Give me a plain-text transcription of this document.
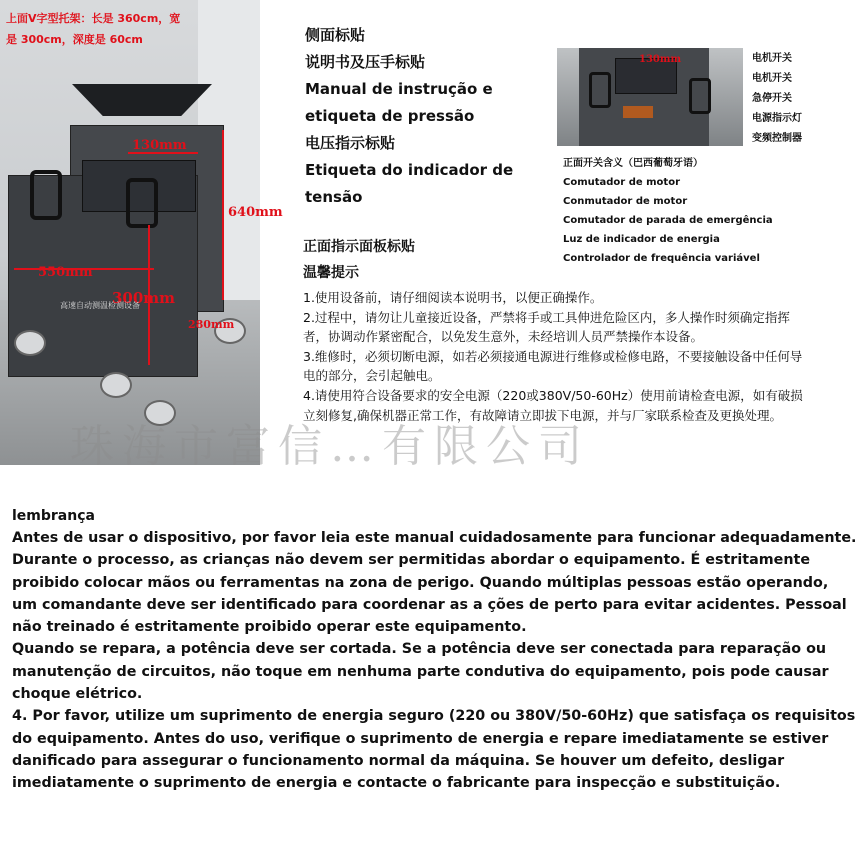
130mm
640mm
550mm
300mm
280mm
高速自动测温检测设备
上面V字型托架：长是 360cm，宽
是 300cm，深度是 60cm	侧面标贴
说明书及压手标贴
Manual de instrução e
etiqueta de pressão
电压指示标贴
Etiqueta do indicador de
tensão
正面指示面板标贴
温馨提示
130mm	电机开关
电机开关
急停开关
电源指示灯
变频控制器
正面开关含义（巴西葡萄牙语）
Comutador de motor
Conmutador de motor
Comutador de parada de emergência
Luz de indicador de energia
Controlador de frequência variável

1.使用设备前，请仔细阅读本说明书，以便正确操作。

2.过程中，请勿让儿童接近设备，严禁将手或工具伸进危险区内，多人操作时须确定指挥者，协调动作紧密配合，以免发生意外，未经培训人员严禁操作本设备。

3.维修时，必须切断电源，如若必须接通电源进行维修或检修电路，不要接触设备中任何导电的部分，会引起触电。

4.请使用符合设备要求的安全电源（220或380V/50-60Hz）使用前请检查电源，如有破损立刻修复,确保机器正常工作，有故障请立即拔下电源，并与厂家联系检查及更换处理。

珠海市富信…有限公司
lembrança

Antes de usar o dispositivo, por favor leia este manual cuidadosamente para funcionar adequadamente.

Durante o processo, as crianças não devem ser permitidas abordar o equipamento. É estritamente proibido colocar mãos ou ferramentas na zona de perigo. Quando múltiplas pessoas estão operando, um comandante deve ser identificado para coordenar as a ções de perto para evitar acidentes. Pessoal não treinado é estritamente proibido operar este equipamento.

Quando se repara, a potência deve ser cortada. Se a potência deve ser conectada para reparação ou manutenção de circuitos, não toque em nenhuma parte condutiva do equipamento, pois pode causar choque elétrico.

4. Por favor, utilize um suprimento de energia seguro (220 ou 380V/50-60Hz) que satisfaça os requisitos do equipamento. Antes do uso, verifique o suprimento de energia e repare imediatamente se estiver danificado para assegurar o funcionamento normal da máquina. Se houver um defeito, desligar imediatamente o suprimento de energia e contacte o fabricante para inspecção e substituição.
